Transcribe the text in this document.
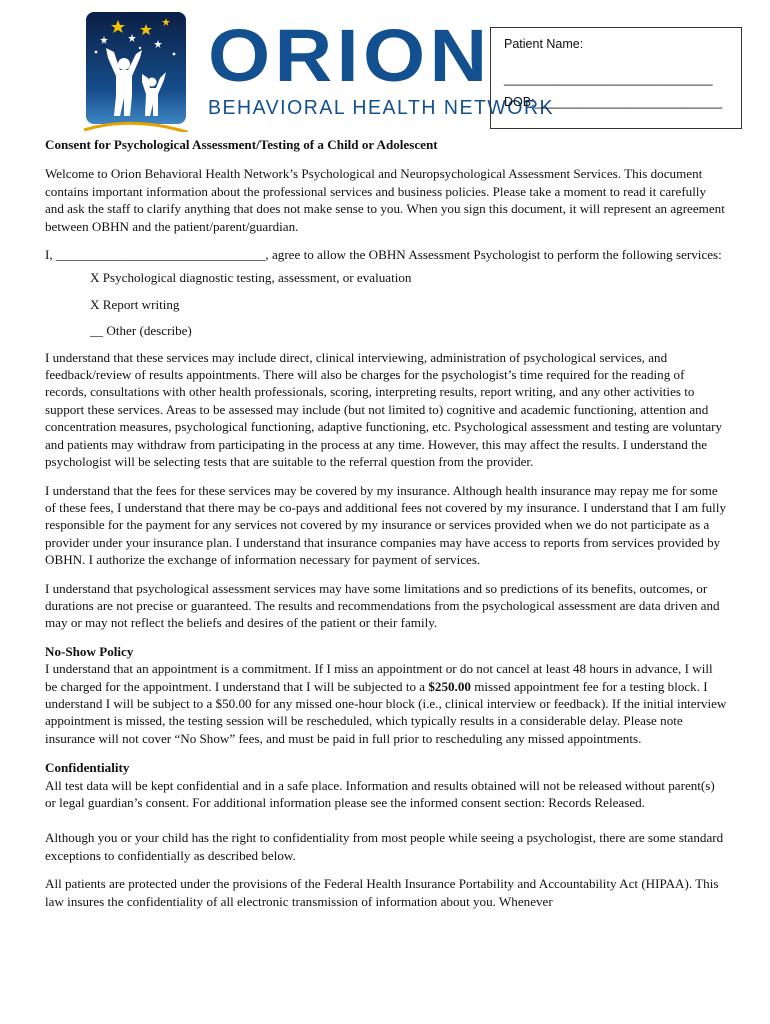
ORION
BEHAVIORAL HEALTH NETWORK
Patient Name:
______________________________
DOB:___________________________

Consent for Psychological Assessment/Testing of a Child or Adolescent

Welcome to Orion Behavioral Health Network’s Psychological and Neuropsychological Assessment Services. This document contains important information about the professional services and business policies. Please take a moment to read it carefully and ask the staff to clarify anything that does not make sense to you. When you sign this document, it will represent an agreement between OBHN and the patient/parent/guardian.

I, ________________________________, agree to allow the OBHN Assessment Psychologist to perform the following services:

X Psychological diagnostic testing, assessment, or evaluation
X Report writing
__ Other (describe)

I understand that these services may include direct, clinical interviewing, administration of psychological services, and feedback/review of results appointments. There will also be charges for the psychologist’s time required for the reading of records, consultations with other health professionals, scoring, interpreting results, report writing, and any other activities to support these services. Areas to be assessed may include (but not limited to) cognitive and academic functioning, attention and concentration measures, psychological functioning, adaptive functioning, etc. Psychological assessment and testing are voluntary and patients may withdraw from participating in the process at any time. However, this may affect the results. I understand the psychologist will be selecting tests that are suitable to the referral question from the provider.

I understand that the fees for these services may be covered by my insurance. Although health insurance may repay me for some of these fees, I understand that there may be co-pays and additional fees not covered by my insurance. I understand that I am fully responsible for the payment for any services not covered by my insurance or services provided when we do not participate as a provider under your insurance plan. I understand that insurance companies may have access to reports from services provided by OBHN. I authorize the exchange of information necessary for payment of services.

I understand that psychological assessment services may have some limitations and so predictions of its benefits, outcomes, or durations are not precise or guaranteed. The results and recommendations from the psychological assessment are data driven and may or may not reflect the beliefs and desires of the patient or their family.

No-Show Policy

I understand that an appointment is a commitment. If I miss an appointment or do not cancel at least 48 hours in advance, I will be charged for the appointment. I understand that I will be subjected to a $250.00 missed appointment fee for a testing block. I understand I will be subject to a $50.00 for any missed one-hour block (i.e., clinical interview or feedback). If the initial interview appointment is missed, the testing session will be rescheduled, which typically results in a considerable delay. Please note insurance will not cover “No Show” fees, and must be paid in full prior to rescheduling any missed appointments.

Confidentiality

All test data will be kept confidential and in a safe place. Information and results obtained will not be released without parent(s) or legal guardian’s consent. For additional information please see the informed consent section: Records Released.

Although you or your child has the right to confidentiality from most people while seeing a psychologist, there are some standard exceptions to confidentially as described below.

All patients are protected under the provisions of the Federal Health Insurance Portability and Accountability Act (HIPAA). This law insures the confidentiality of all electronic transmission of information about you. Whenever
